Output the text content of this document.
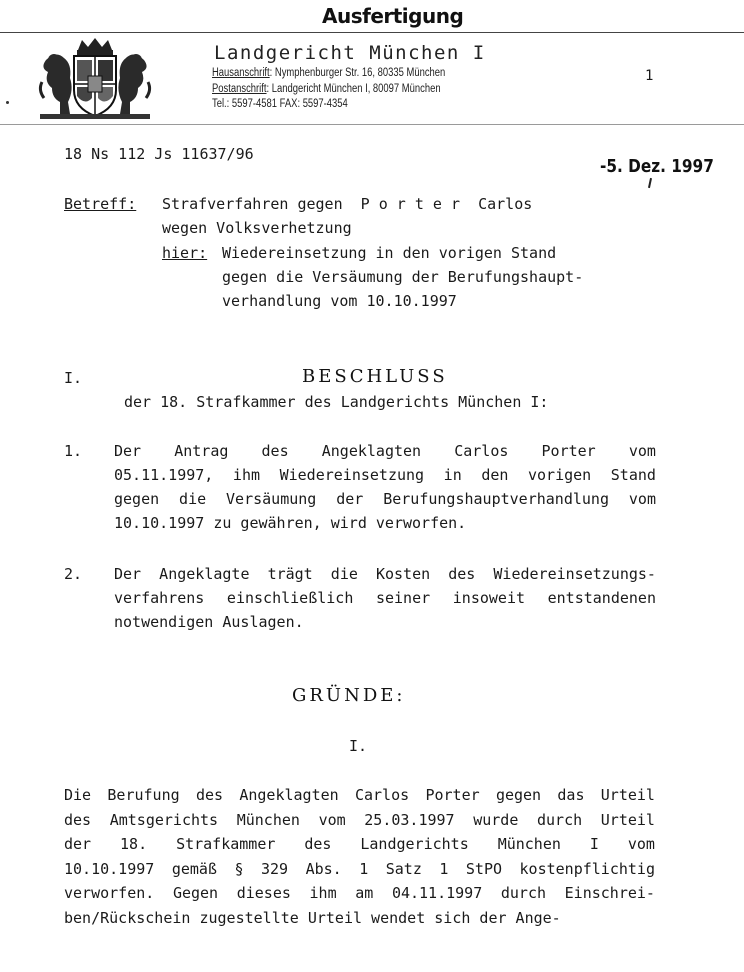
Ausfertigung
Landgericht München I
Hausanschrift: Nymphenburger Str. 16, 80335 München
Postanschrift: Landgericht München I, 80097 München
Tel.: 5597-4581 FAX: 5597-4354
1
18 Ns 112 Js 11637/96
-5. Dez. 1997
Betreff: Strafverfahren gegen  P o r t e r  Carlos
wegen Volksverhetzung
hier: Wiedereinsetzung in den vorigen Stand
gegen die Versäumung der Berufungshaupt-
verhandlung vom 10.10.1997
I.	BESCHLUSS
der 18. Strafkammer des Landgerichts München I:
1. Der Antrag des Angeklagten Carlos Porter vom
05.11.1997, ihm Wiedereinsetzung in den vorigen Stand
gegen die Versäumung der Berufungshauptverhandlung vom
10.10.1997 zu gewähren, wird verworfen.
2. Der Angeklagte trägt die Kosten des Wiedereinsetzungs-
verfahrens einschließlich seiner insoweit entstandenen
notwendigen Auslagen.
GRÜNDE:
I.
Die Berufung des Angeklagten Carlos Porter gegen das Urteil
des Amtsgerichts München vom 25.03.1997 wurde durch Urteil
der 18. Strafkammer des Landgerichts München I vom
10.10.1997 gemäß § 329 Abs. 1 Satz 1 StPO kostenpflichtig
verworfen. Gegen dieses ihm am 04.11.1997 durch Einschrei-
ben/Rückschein zugestellte Urteil wendet sich der Ange-
